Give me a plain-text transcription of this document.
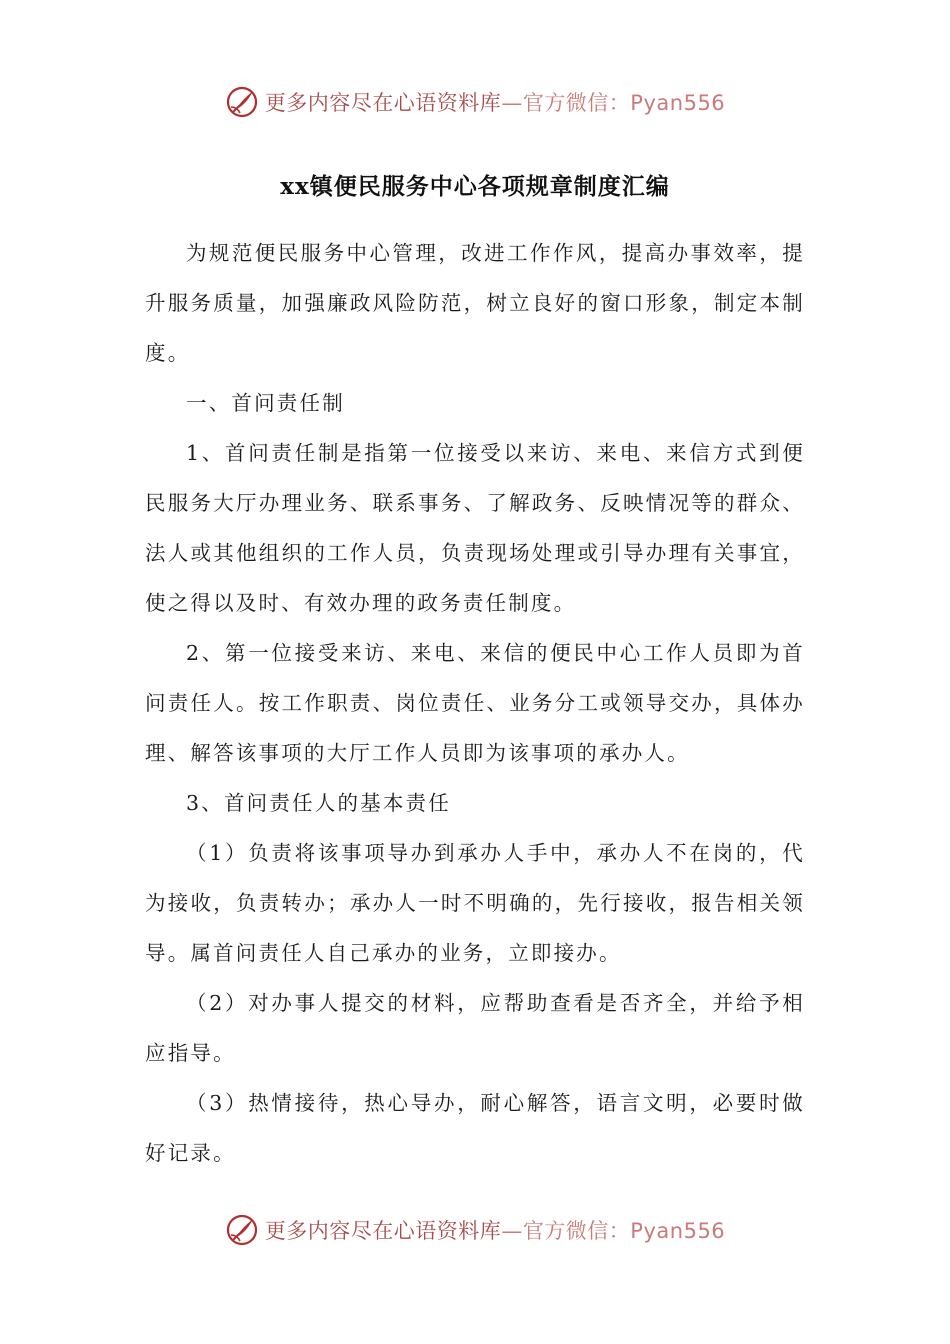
更多内容尽在心语资料库—官方微信：Pyan556
xx镇便民服务中心各项规章制度汇编

为规范便民服务中心管理，改进工作作风，提高办事效率，提升服务质量，加强廉政风险防范，树立良好的窗口形象，制定本制度。

一、首问责任制

1、首问责任制是指第一位接受以来访、来电、来信方式到便民服务大厅办理业务、联系事务、了解政务、反映情况等的群众、法人或其他组织的工作人员，负责现场处理或引导办理有关事宜，使之得以及时、有效办理的政务责任制度。

2、第一位接受来访、来电、来信的便民中心工作人员即为首问责任人。按工作职责、岗位责任、业务分工或领导交办，具体办理、解答该事项的大厅工作人员即为该事项的承办人。

3、首问责任人的基本责任

（1）负责将该事项导办到承办人手中，承办人不在岗的，代为接收，负责转办；承办人一时不明确的，先行接收，报告相关领导。属首问责任人自己承办的业务，立即接办。

（2）对办事人提交的材料，应帮助查看是否齐全，并给予相应指导。

（3）热情接待，热心导办，耐心解答，语言文明，必要时做好记录。

更多内容尽在心语资料库—官方微信：Pyan556
